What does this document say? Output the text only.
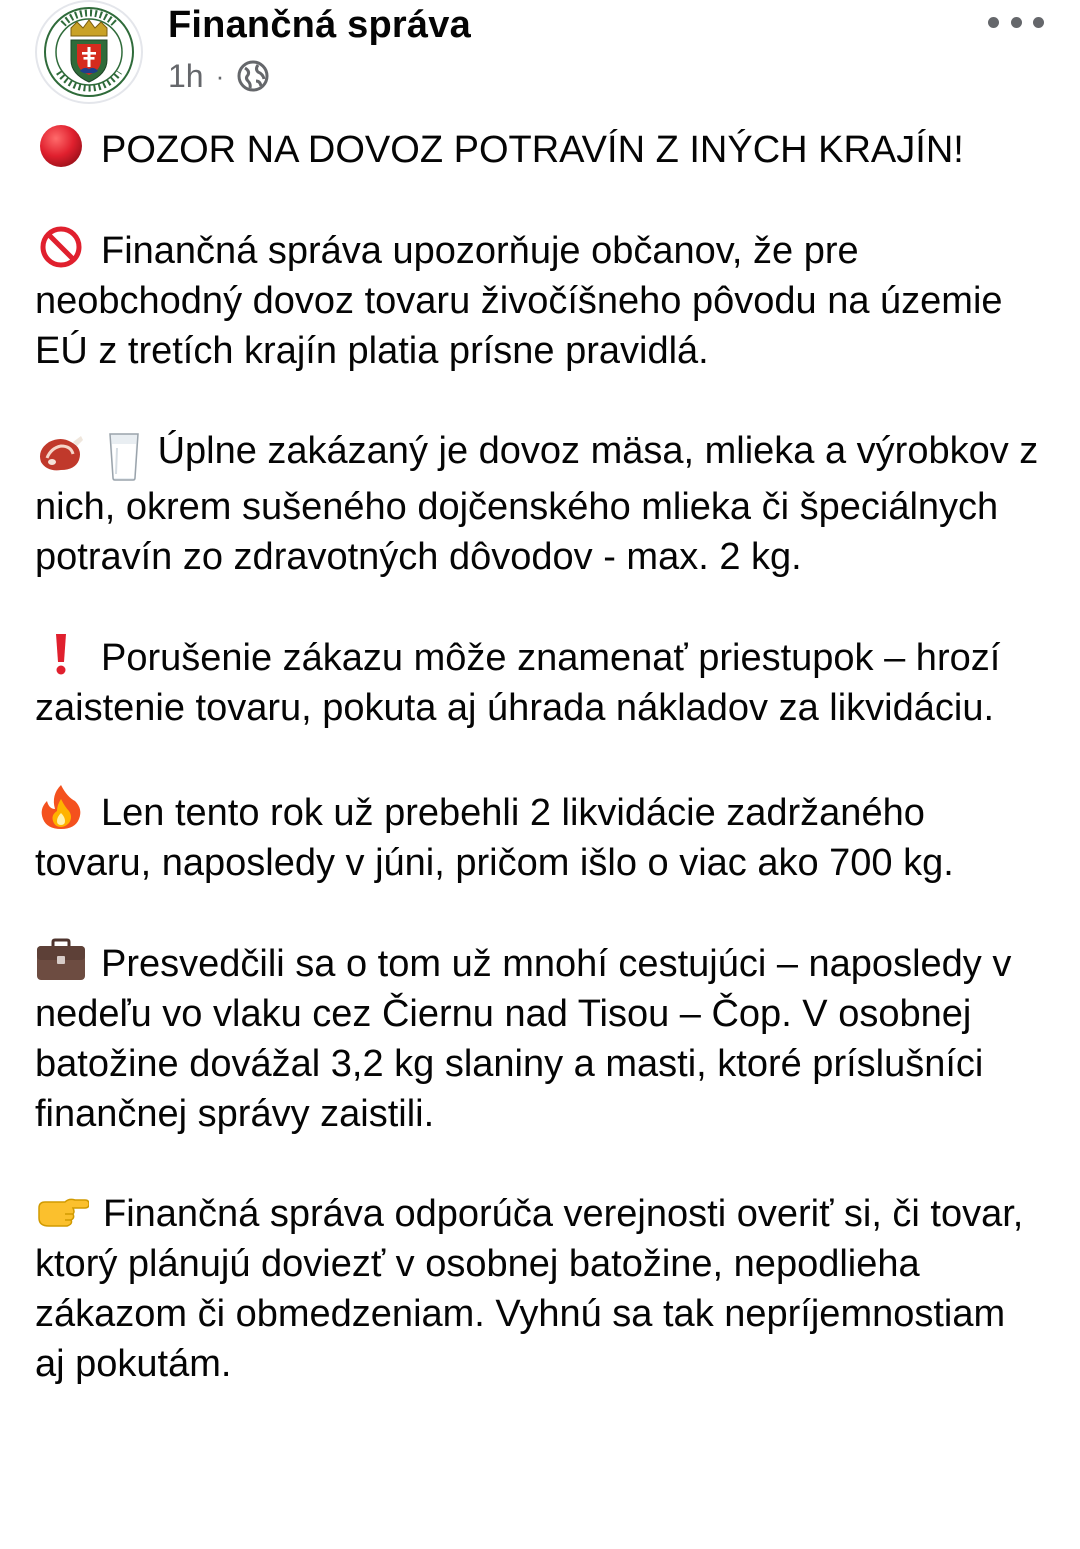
Finančná správa
1h ·

POZOR NA DOVOZ POTRAVÍN Z INÝCH KRAJÍN!

Finančná správa upozorňuje občanov, že pre neobchodný dovoz tovaru živočíšneho pôvodu na územie EÚ z tretích krajín platia prísne pravidlá.

Úplne zakázaný je dovoz mäsa, mlieka a výrobkov z nich, okrem sušeného dojčenského mlieka či špeciálnych potravín zo zdravotných dôvodov - max. 2 kg.

Porušenie zákazu môže znamenať priestupok – hrozí zaistenie tovaru, pokuta aj úhrada nákladov za likvidáciu.

Len tento rok už prebehli 2 likvidácie zadržaného tovaru, naposledy v júni, pričom išlo o viac ako 700 kg.

Presvedčili sa o tom už mnohí cestujúci – naposledy v nedeľu vo vlaku cez Čiernu nad Tisou – Čop. V osobnej batožine dovážal 3,2 kg slaniny a masti, ktoré príslušníci finančnej správy zaistili.

Finančná správa odporúča verejnosti overiť si, či tovar, ktorý plánujú doviezť v osobnej batožine, nepodlieha zákazom či obmedzeniam. Vyhnú sa tak nepríjemnostiam aj pokutám.
